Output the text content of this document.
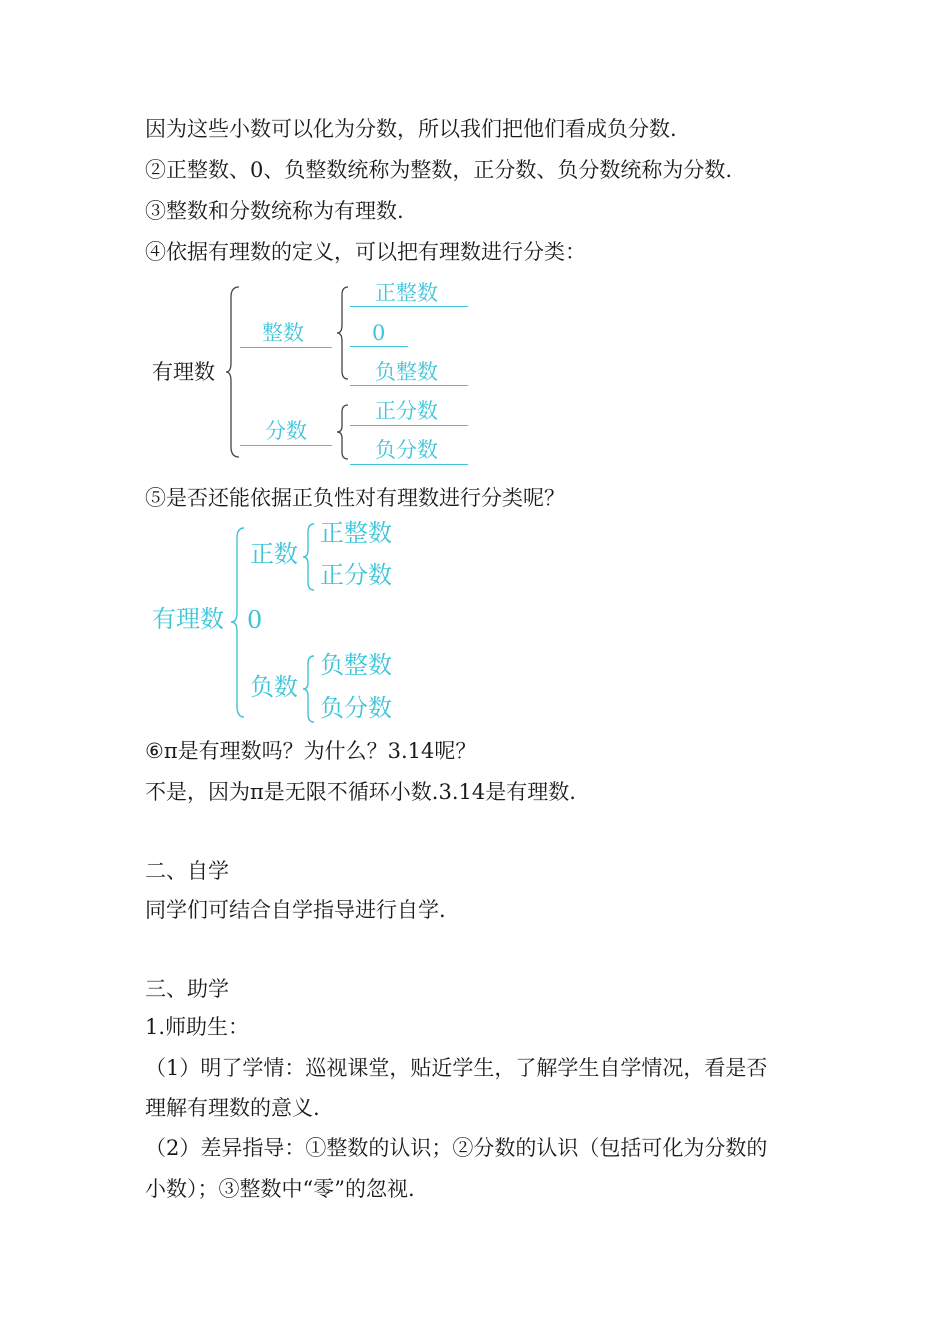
因为这些小数可以化为分数，所以我们把他们看成负分数.
②正整数、0、负整数统称为整数，正分数、负分数统称为分数.
③整数和分数统称为有理数.
④依据有理数的定义，可以把有理数进行分类：
有理数
整数
正整数
0
负整数
分数
正分数
负分数
⑤是否还能依据正负性对有理数进行分类呢？
有理数
正数
正整数
正分数
0
负数
负整数
负分数
⑥π是有理数吗？为什么？3.14呢？
不是，因为π是无限不循环小数.3.14是有理数.
二、自学
同学们可结合自学指导进行自学.
三、助学
1.师助生：
（1）明了学情：巡视课堂，贴近学生，了解学生自学情况，看是否
理解有理数的意义.
（2）差异指导：①整数的认识；②分数的认识（包括可化为分数的
小数）；③整数中“零”的忽视.
